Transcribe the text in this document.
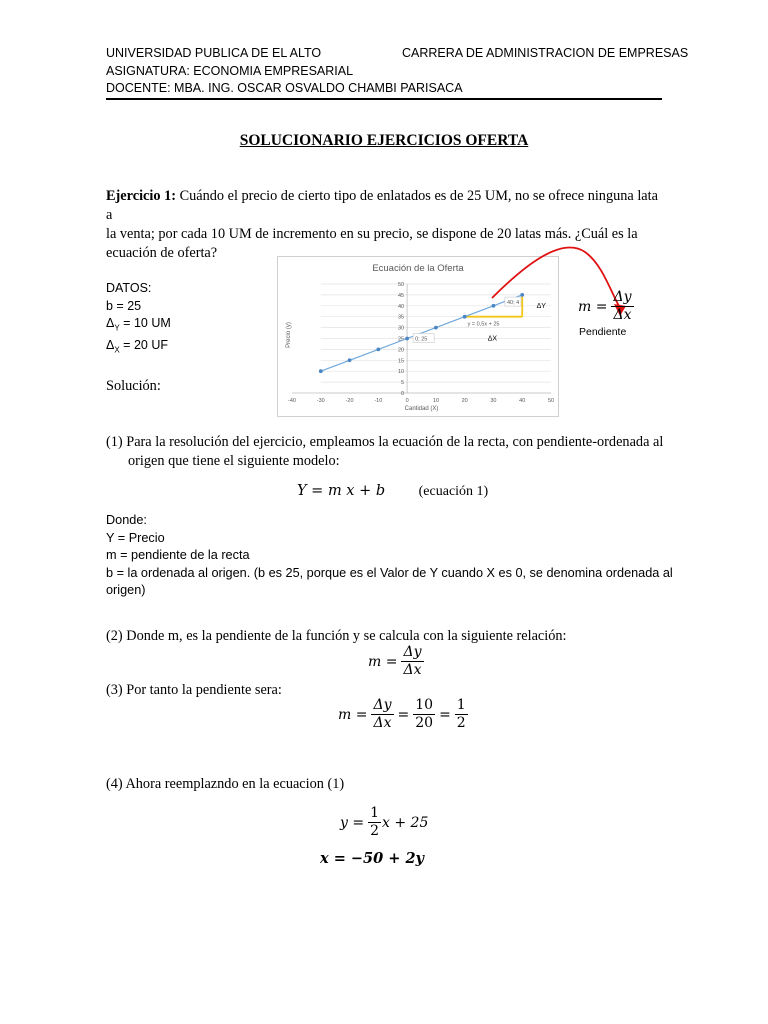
UNIVERSIDAD PUBLICA DE EL ALTO	CARRERA DE ADMINISTRACION DE EMPRESAS
ASIGNATURA: ECONOMIA EMPRESARIAL
DOCENTE: MBA. ING. OSCAR OSVALDO CHAMBI PARISACA
SOLUCIONARIO EJERCICIOS OFERTA
Ejercicio 1: Cuándo el precio de cierto tipo de enlatados es de 25 UM, no se ofrece ninguna lata a
la venta; por cada 10 UM de incremento en su precio, se dispone de 20 latas más. ¿Cuál es la
ecuación de oferta?
DATOS:
b = 25
$\Delta_Y = 10$ UM
$\Delta_X = 20$ UF
Solución:
Ecuación de la Oferta
0
5
10
15
20
25
30
35
40
45
50
-40	-30	-20	-10	0	10	20	30	40	50
Cantidad (X)
Precio (y)	0; 25
40; 4
y = 0,5x + 25
ΔY
ΔX
$m = \frac{\Delta y}{\Delta x}$
Pendiente
(1) Para la resolución del ejercicio, empleamos la ecuación de la recta, con pendiente-ordenada al
origen que tiene el siguiente modelo:
Y = m x + b (ecuación 1)
Donde:
Y = Precio
m = pendiente de la recta
b = la ordenada al origen. (b es 25, porque es el Valor de Y cuando X es 0, se denomina ordenada al
origen)
(2) Donde m, es la pendiente de la función y se calcula con la siguiente relación:
$m = \frac{\Delta y}{\Delta x}$
(3) Por tanto la pendiente sera:
$m = \frac{\Delta y}{\Delta x} = \frac{10}{20} = \frac{1}{2}$
(4) Ahora reemplazndo en la ecuacion (1)
$y = \frac{1}{2}$ x + 25
x = −50 + 2y
